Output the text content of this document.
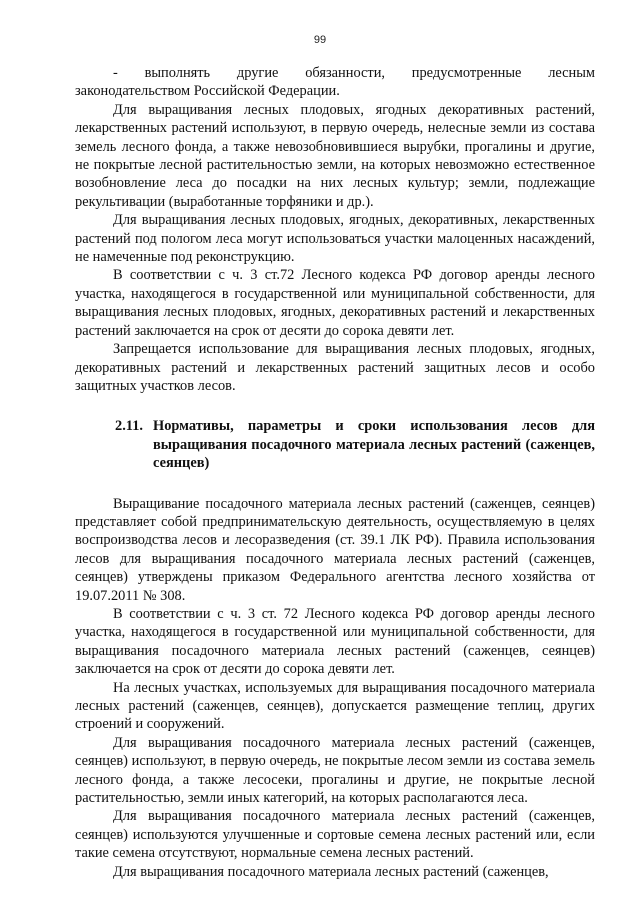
99

- выполнять другие обязанности, предусмотренные лесным законодательством Российской Федерации.

Для выращивания лесных плодовых, ягодных декоративных растений, лекарственных растений используют, в первую очередь, нелесные земли из состава земель лесного фонда, а также невозобновившиеся вырубки, прогалины и другие, не покрытые лесной растительностью земли, на которых невозможно естественное возобновление леса до посадки на них лесных культур; земли, подлежащие рекультивации (выработанные торфяники и др.).

Для выращивания лесных плодовых, ягодных, декоративных, лекарственных растений под пологом леса могут использоваться участки малоценных насаждений, не намеченные под реконструкцию.

В соответствии с ч. 3 ст.72 Лесного кодекса РФ договор аренды лесного участка, находящегося в государственной или муниципальной собственности, для выращивания лесных плодовых, ягодных, декоративных растений и лекарственных растений заключается на срок от десяти до сорока девяти лет.

Запрещается использование для выращивания лесных плодовых, ягодных, декоративных растений и лекарственных растений защитных лесов и особо защитных участков лесов.

2.11. Нормативы, параметры и сроки использования лесов для выращивания посадочного материала лесных растений (саженцев, сеянцев)

Выращивание посадочного материала лесных растений (саженцев, сеянцев) представляет собой предпринимательскую деятельность, осуществляемую в целях воспроизводства лесов и лесоразведения (ст. 39.1 ЛК РФ). Правила использования лесов для выращивания посадочного материала лесных растений (саженцев, сеянцев) утверждены приказом Федерального агентства лесного хозяйства от 19.07.2011 № 308.

В соответствии с ч. 3 ст. 72 Лесного кодекса РФ договор аренды лесного участка, находящегося в государственной или муниципальной собственности, для выращивания посадочного материала лесных растений (саженцев, сеянцев) заключается на срок от десяти до сорока девяти лет.

На лесных участках, используемых для выращивания посадочного материала лесных растений (саженцев, сеянцев), допускается размещение теплиц, других строений и сооружений.

Для выращивания посадочного материала лесных растений (саженцев, сеянцев) используют, в первую очередь, не покрытые лесом земли из состава земель лесного фонда, а также лесосеки, прогалины и другие, не покрытые лесной растительностью, земли иных категорий, на которых располагаются леса.

Для выращивания посадочного материала лесных растений (саженцев, сеянцев) используются улучшенные и сортовые семена лесных растений или, если такие семена отсутствуют, нормальные семена лесных растений.

Для выращивания посадочного материала лесных растений (саженцев,
